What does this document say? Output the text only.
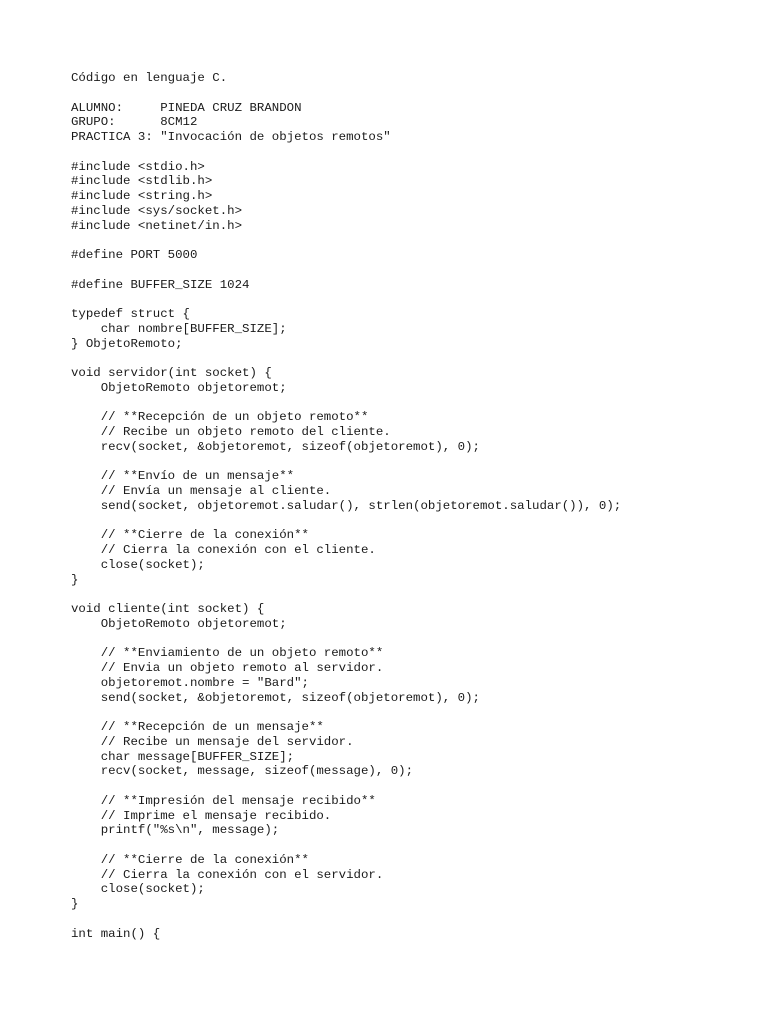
Código en lenguaje C.
ALUMNO:     PINEDA CRUZ BRANDON
GRUPO:      8CM12
PRACTICA 3: "Invocación de objetos remotos"
#include <stdio.h>
#include <stdlib.h>
#include <string.h>
#include <sys/socket.h>
#include <netinet/in.h>
#define PORT 5000
#define BUFFER_SIZE 1024
typedef struct {
char nombre[BUFFER_SIZE];
} ObjetoRemoto;
void servidor(int socket) {
ObjetoRemoto objetoremot;
// **Recepción de un objeto remoto**
// Recibe un objeto remoto del cliente.
recv(socket, &objetoremot, sizeof(objetoremot), 0);
// **Envío de un mensaje**
// Envía un mensaje al cliente.
send(socket, objetoremot.saludar(), strlen(objetoremot.saludar()), 0);
// **Cierre de la conexión**
// Cierra la conexión con el cliente.
close(socket);
}
void cliente(int socket) {
ObjetoRemoto objetoremot;
// **Enviamiento de un objeto remoto**
// Envia un objeto remoto al servidor.
objetoremot.nombre = "Bard";
send(socket, &objetoremot, sizeof(objetoremot), 0);
// **Recepción de un mensaje**
// Recibe un mensaje del servidor.
char message[BUFFER_SIZE];
recv(socket, message, sizeof(message), 0);
// **Impresión del mensaje recibido**
// Imprime el mensaje recibido.
printf("%s\n", message);
// **Cierre de la conexión**
// Cierra la conexión con el servidor.
close(socket);
}
int main() {
